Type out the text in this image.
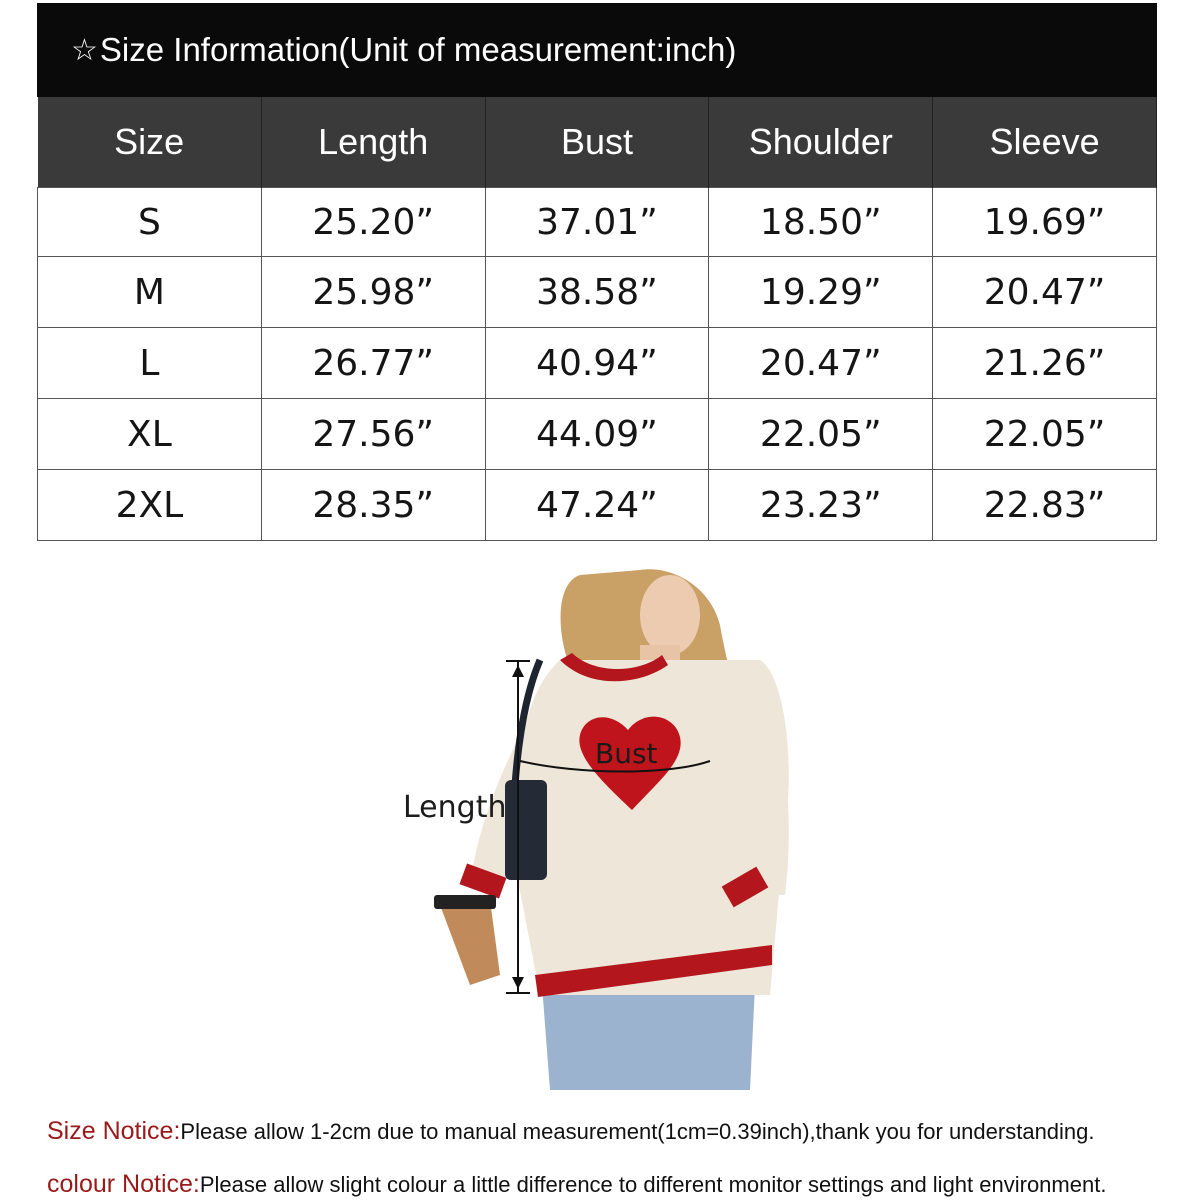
☆ Size Information(Unit of measurement:inch)
Size	Length	Bust	Shoulder	Sleeve
S	25.20”	37.01”	18.50”	19.69”
M	25.98”	38.58”	19.29”	20.47”
L	26.77”	40.94”	20.47”	21.26”
XL	27.56”	44.09”	22.05”	22.05”
2XL	28.35”	47.24”	23.23”	22.83”
Bust
Length
Size Notice:Please allow 1-2cm due to manual measurement(1cm=0.39inch),thank you for understanding.
colour Notice:Please allow slight colour a little difference to different monitor settings and light environment.
